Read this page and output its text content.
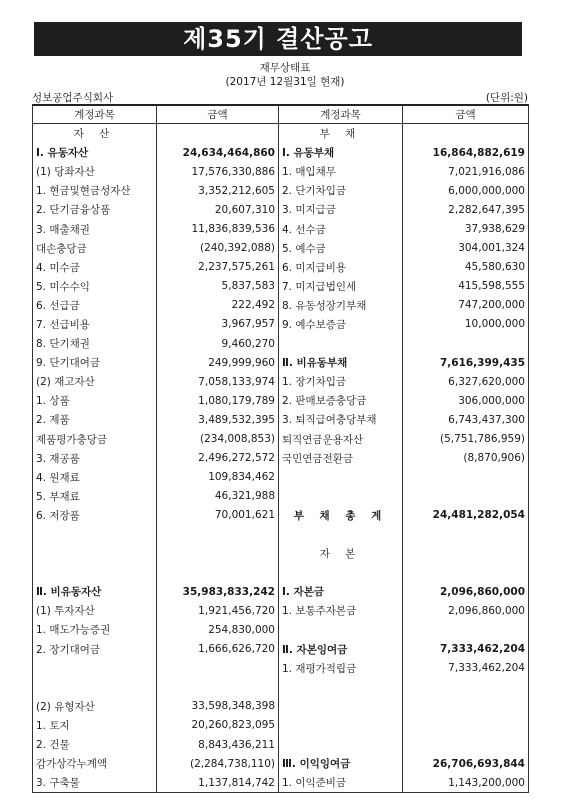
제35기 결산공고
재무상태표
(2017년 12월31일 현재)
성보공업주식회사	(단위:원)
계정과목	금액	계정과목	금액
자 산		부 채	
Ⅰ. 유동자산	24,634,464,860	Ⅰ. 유동부채	16,864,882,619
(1) 당좌자산	17,576,330,886	1. 매입채무	7,021,916,086
1. 현금및현금성자산	3,352,212,605	2. 단기차입금	6,000,000,000
2. 단기금융상품	20,607,310	3. 미지급금	2,282,647,395
3. 매출채권	11,836,839,536	4. 선수금	37,938,629
대손충당금	(240,392,088)	5. 예수금	304,001,324
4. 미수금	2,237,575,261	6. 미지급비용	45,580,630
5. 미수수익	5,837,583	7. 미지급법인세	415,598,555
6. 선급금	222,492	8. 유동성장기부채	747,200,000
7. 선급비용	3,967,957	9. 예수보증금	10,000,000
8. 단기채권	9,460,270		
9. 단기대여금	249,999,960	Ⅱ. 비유동부채	7,616,399,435
(2) 재고자산	7,058,133,974	1. 장기차입금	6,327,620,000
1. 상품	1,080,179,789	2. 판매보증충당금	306,000,000
2. 제품	3,489,532,395	3. 퇴직급여충당부채	6,743,437,300
제품평가충당금	(234,008,853)	퇴직연금운용자산	(5,751,786,959)
3. 재공품	2,496,272,572	국민연금전환금	(8,870,906)
4. 원재료	109,834,462		
5. 부재료	46,321,988		
6. 저장품	70,001,621	부 채 총 계	24,481,282,054

		자 본	

Ⅱ. 비유동자산	35,983,833,242	Ⅰ. 자본금	2,096,860,000
(1) 투자자산	1,921,456,720	1. 보통주자본금	2,096,860,000
1. 매도가능증권	254,830,000		
2. 장기대여금	1,666,626,720	Ⅱ. 자본잉여금	7,333,462,204
		1. 재평가적립금	7,333,462,204

(2) 유형자산	33,598,348,398		
1. 토지	20,260,823,095		
2. 건물	8,843,436,211		
감가상각누계액	(2,284,738,110)	Ⅲ. 이익잉여금	26,706,693,844
3. 구축물	1,137,814,742	1. 이익준비금	1,143,200,000
